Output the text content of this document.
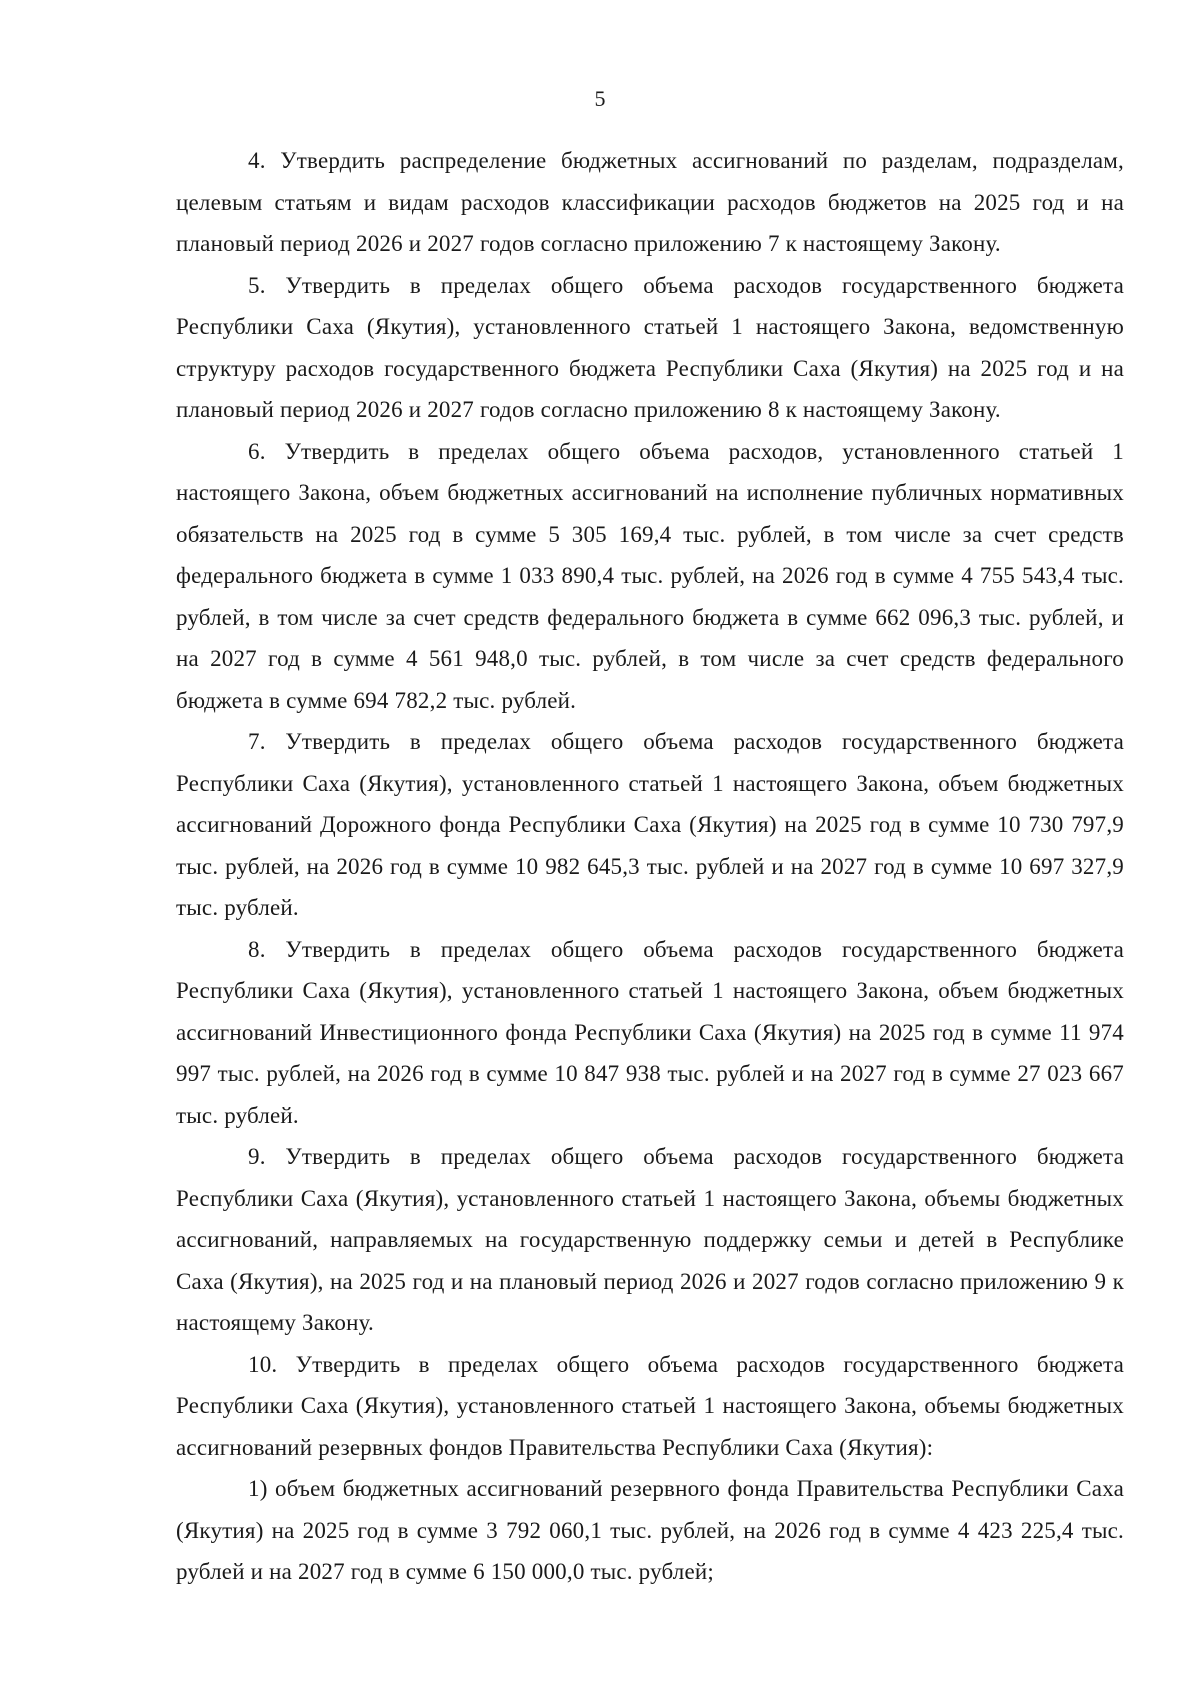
5

4. Утвердить распределение бюджетных ассигнований по разделам, подразделам, целевым статьям и видам расходов классификации расходов бюджетов на 2025 год и на плановый период 2026 и 2027 годов согласно приложению 7 к настоящему Закону.

5. Утвердить в пределах общего объема расходов государственного бюджета Республики Саха (Якутия), установленного статьей 1 настоящего Закона, ведомственную структуру расходов государственного бюджета Республики Саха (Якутия) на 2025 год и на плановый период 2026 и 2027 годов согласно приложению 8 к настоящему Закону.

6. Утвердить в пределах общего объема расходов, установленного статьей 1 настоящего Закона, объем бюджетных ассигнований на исполнение публичных нормативных обязательств на 2025 год в сумме 5 305 169,4 тыс. рублей, в том числе за счет средств федерального бюджета в сумме 1 033 890,4 тыс. рублей, на 2026 год в сумме 4 755 543,4 тыс. рублей, в том числе за счет средств федерального бюджета в сумме 662 096,3 тыс. рублей, и на 2027 год в сумме 4 561 948,0 тыс. рублей, в том числе за счет средств федерального бюджета в сумме 694 782,2 тыс. рублей.

7. Утвердить в пределах общего объема расходов государственного бюджета Республики Саха (Якутия), установленного статьей 1 настоящего Закона, объем бюджетных ассигнований Дорожного фонда Республики Саха (Якутия) на 2025 год в сумме 10 730 797,9 тыс. рублей, на 2026 год в сумме 10 982 645,3 тыс. рублей и на 2027 год в сумме 10 697 327,9 тыс. рублей.

8. Утвердить в пределах общего объема расходов государственного бюджета Республики Саха (Якутия), установленного статьей 1 настоящего Закона, объем бюджетных ассигнований Инвестиционного фонда Республики Саха (Якутия) на 2025 год в сумме 11 974 997 тыс. рублей, на 2026 год в сумме 10 847 938 тыс. рублей и на 2027 год в сумме 27 023 667 тыс. рублей.

9. Утвердить в пределах общего объема расходов государственного бюджета Республики Саха (Якутия), установленного статьей 1 настоящего Закона, объемы бюджетных ассигнований, направляемых на государственную поддержку семьи и детей в Республике Саха (Якутия), на 2025 год и на плановый период 2026 и 2027 годов согласно приложению 9 к настоящему Закону.

10. Утвердить в пределах общего объема расходов государственного бюджета Республики Саха (Якутия), установленного статьей 1 настоящего Закона, объемы бюджетных ассигнований резервных фондов Правительства Республики Саха (Якутия):

1) объем бюджетных ассигнований резервного фонда Правительства Республики Саха (Якутия) на 2025 год в сумме 3 792 060,1 тыс. рублей, на 2026 год в сумме 4 423 225,4 тыс. рублей и на 2027 год в сумме 6 150 000,0 тыс. рублей;
